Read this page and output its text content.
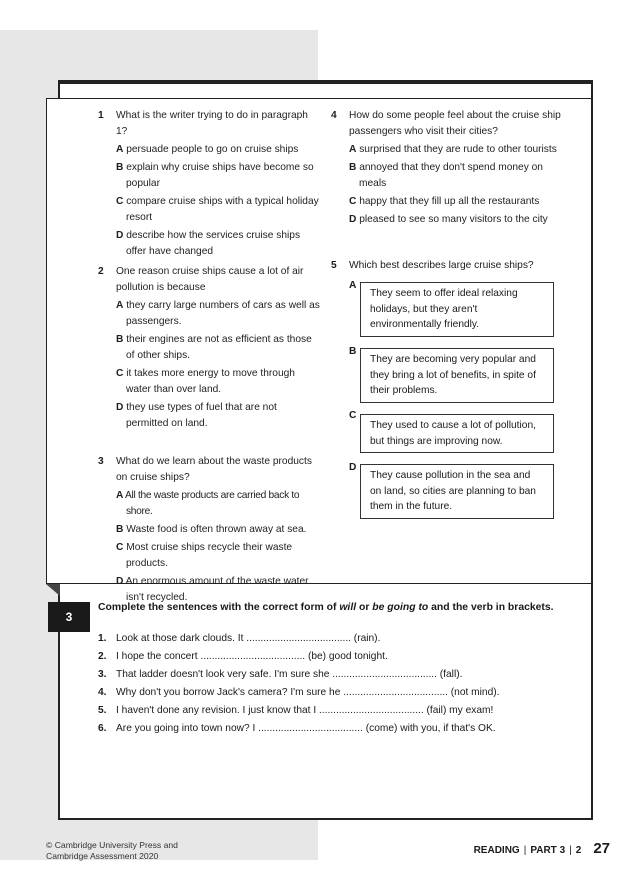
1 What is the writer trying to do in paragraph 1?
A persuade people to go on cruise ships
B explain why cruise ships have become so popular
C compare cruise ships with a typical holiday resort
D describe how the services cruise ships offer have changed
2 One reason cruise ships cause a lot of air pollution is because
A they carry large numbers of cars as well as passengers.
B their engines are not as efficient as those of other ships.
C it takes more energy to move through water than over land.
D they use types of fuel that are not permitted on land.
3 What do we learn about the waste products on cruise ships?
A All the waste products are carried back to shore.
B Waste food is often thrown away at sea.
C Most cruise ships recycle their waste products.
D An enormous amount of the waste water isn't recycled.
4 How do some people feel about the cruise ship passengers who visit their cities?
A surprised that they are rude to other tourists
B annoyed that they don't spend money on meals
C happy that they fill up all the restaurants
D pleased to see so many visitors to the city
5 Which best describes large cruise ships?
A
They seem to offer ideal relaxing holidays, but they aren't environmentally friendly.
B
They are becoming very popular and they bring a lot of benefits, in spite of their problems.
C
They used to cause a lot of pollution, but things are improving now.
D
They cause pollution in the sea and on land, so cities are planning to ban them in the future.
3
Complete the sentences with the correct form of will or be going to and the verb in brackets.
1. Look at those dark clouds. It ..................................... (rain).
2. I hope the concert ..................................... (be) good tonight.
3. That ladder doesn't look very safe. I'm sure she ..................................... (fall).
4. Why don't you borrow Jack's camera? I'm sure he ..................................... (not mind).
5. I haven't done any revision. I just know that I ..................................... (fail) my exam!
6. Are you going into town now? I ..................................... (come) with you, if that's OK.
© Cambridge University Press and
Cambridge Assessment 2020	READING | PART 3 | 2 27
